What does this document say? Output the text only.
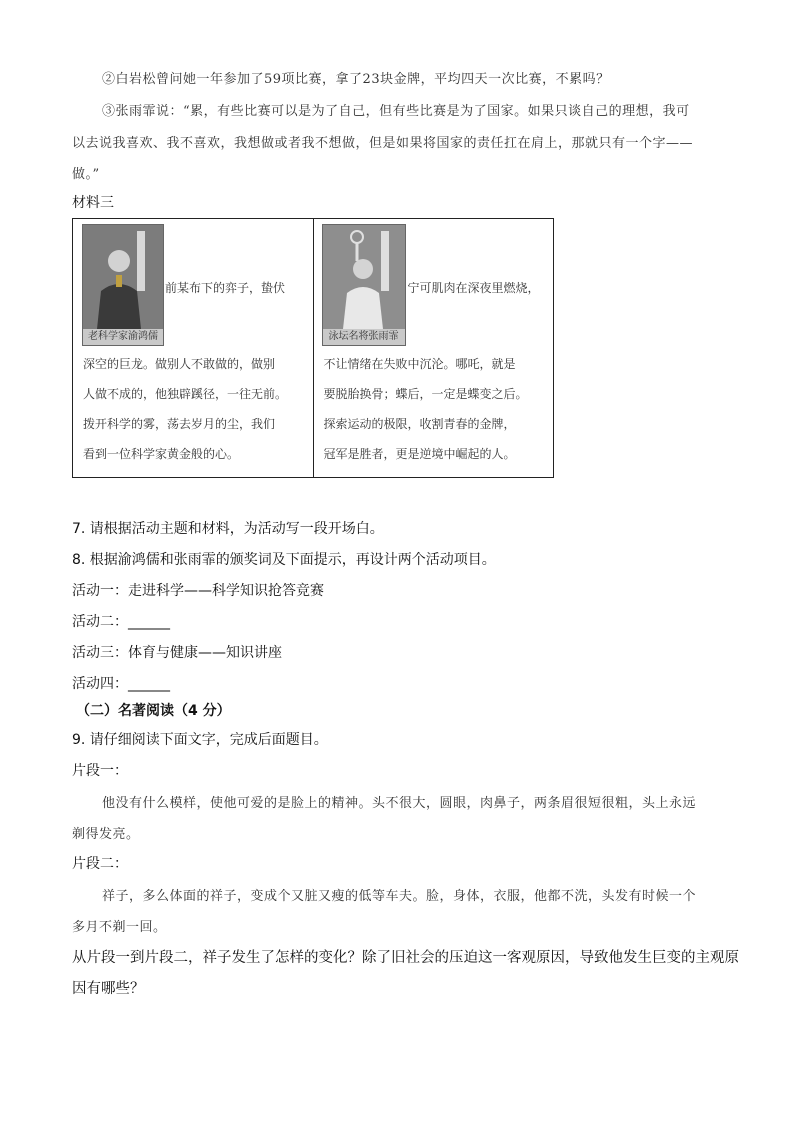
②白岩松曾问她一年参加了59项比赛，拿了23块金牌，平均四天一次比赛，不累吗？
③张雨霏说：“累，有些比赛可以是为了自己，但有些比赛是为了国家。如果只谈自己的理想，我可
以去说我喜欢、我不喜欢，我想做或者我不想做，但是如果将国家的责任扛在肩上，那就只有一个字——
做。”
材料三
老科学家渝鸿儒
前某布下的弈子，蛰伏
深空的巨龙。做别人不敢做的，做别
人做不成的，他独辟蹊径，一往无前。
拨开科学的雾，荡去岁月的尘，我们
看到一位科学家黄金般的心。

泳坛名将张雨霏
宁可肌肉在深夜里燃烧，
不让情绪在失败中沉沦。哪吒，就是
要脱胎换骨；蝶后，一定是蝶变之后。
探索运动的极限，收割青春的金牌，
冠军是胜者，更是逆境中崛起的人。
7. 请根据活动主题和材料，为活动写一段开场白。
8. 根据渝鸿儒和张雨霏的颁奖词及下面提示，再设计两个活动项目。
活动一：走进科学——科学知识抢答竞赛
活动二：______
活动三：体育与健康——知识讲座
活动四：______
（二）名著阅读（4 分）
9. 请仔细阅读下面文字，完成后面题目。
片段一：
他没有什么模样，使他可爱的是脸上的精神。头不很大，圆眼，肉鼻子，两条眉很短很粗，头上永远
剃得发亮。
片段二：
祥子，多么体面的祥子，变成个又脏又瘦的低等车夫。脸，身体，衣服，他都不洗，头发有时候一个
多月不剃一回。
从片段一到片段二，祥子发生了怎样的变化？除了旧社会的压迫这一客观原因，导致他发生巨变的主观原
因有哪些？
